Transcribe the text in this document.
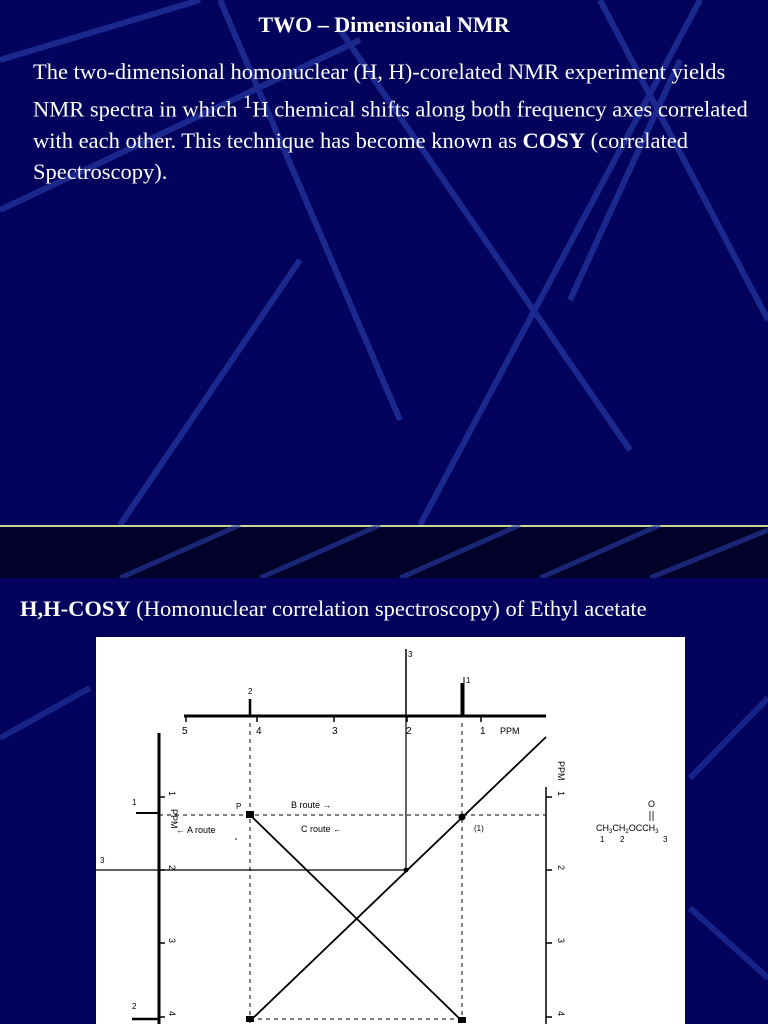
TWO – Dimensional NMR
The two-dimensional homonuclear (H, H)-corelated NMR experiment yields NMR spectra in which $^1$H chemical shifts along both frequency axes correlated with each other. This technique has become known as COSY (correlated Spectroscopy).
H,H-COSY (Homonuclear correlation spectroscopy) of Ethyl acetate
5	4	3	2	1 PPM
2
3
1
PPM
1
2
3
4
1
3
2
PPM
1
2
3
4
P
(1)
B route →
← A route	C route ←
O
$CH_3CH_2OCCH_3$
1 2	3
